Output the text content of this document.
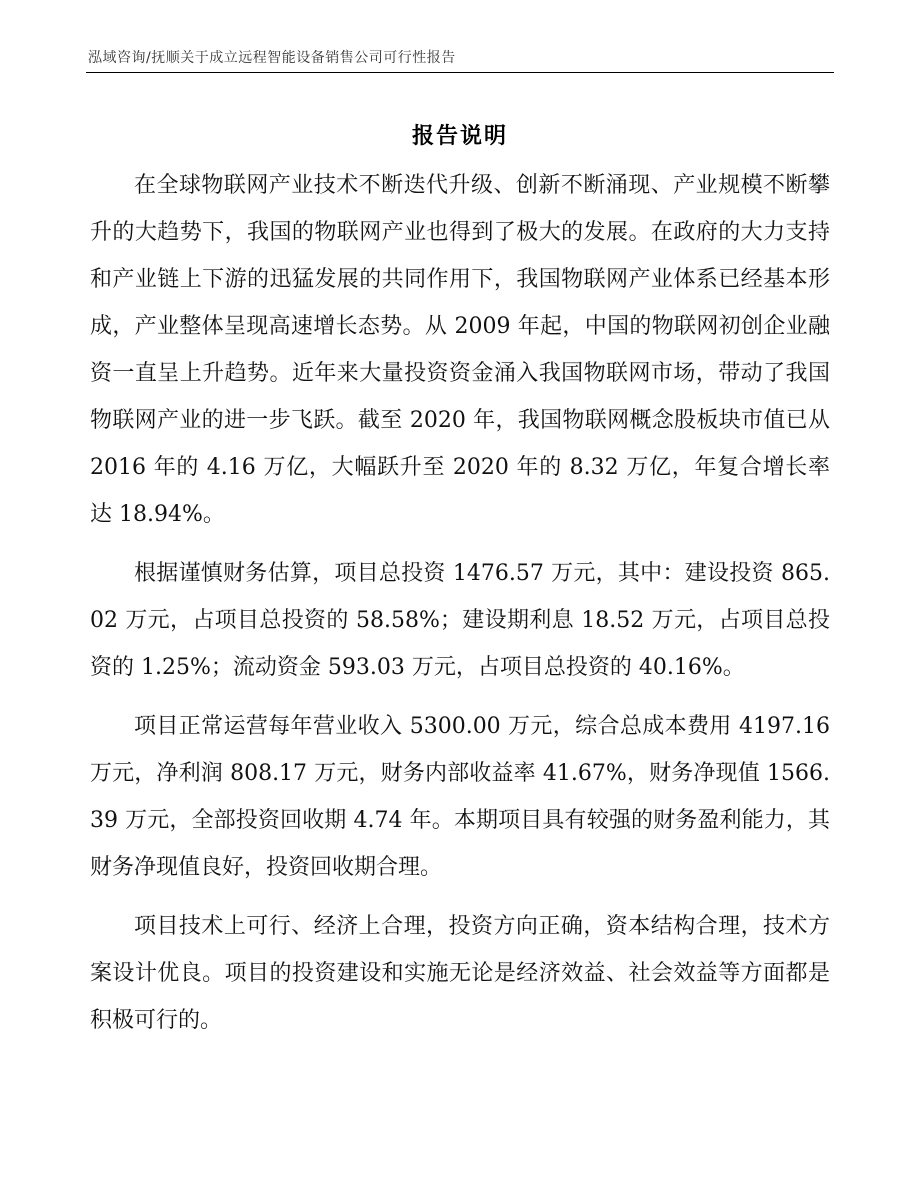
泓域咨询/抚顺关于成立远程智能设备销售公司可行性报告
报告说明

在全球物联网产业技术不断迭代升级、创新不断涌现、产业规模不断攀升的大趋势下，我国的物联网产业也得到了极大的发展。在政府的大力支持和产业链上下游的迅猛发展的共同作用下，我国物联网产业体系已经基本形成，产业整体呈现高速增长态势。从 2009 年起，中国的物联网初创企业融资一直呈上升趋势。近年来大量投资资金涌入我国物联网市场，带动了我国物联网产业的进一步飞跃。截至 2020 年，我国物联网概念股板块市值已从 2016 年的 4.16 万亿，大幅跃升至 2020 年的 8.32 万亿，年复合增长率达 18.94%。

根据谨慎财务估算，项目总投资 1476.57 万元，其中：建设投资 865.02 万元，占项目总投资的 58.58%；建设期利息 18.52 万元，占项目总投资的 1.25%；流动资金 593.03 万元，占项目总投资的 40.16%。

项目正常运营每年营业收入 5300.00 万元，综合总成本费用 4197.16 万元，净利润 808.17 万元，财务内部收益率 41.67%，财务净现值 1566.39 万元，全部投资回收期 4.74 年。本期项目具有较强的财务盈利能力，其财务净现值良好，投资回收期合理。

项目技术上可行、经济上合理，投资方向正确，资本结构合理，技术方案设计优良。项目的投资建设和实施无论是经济效益、社会效益等方面都是积极可行的。
